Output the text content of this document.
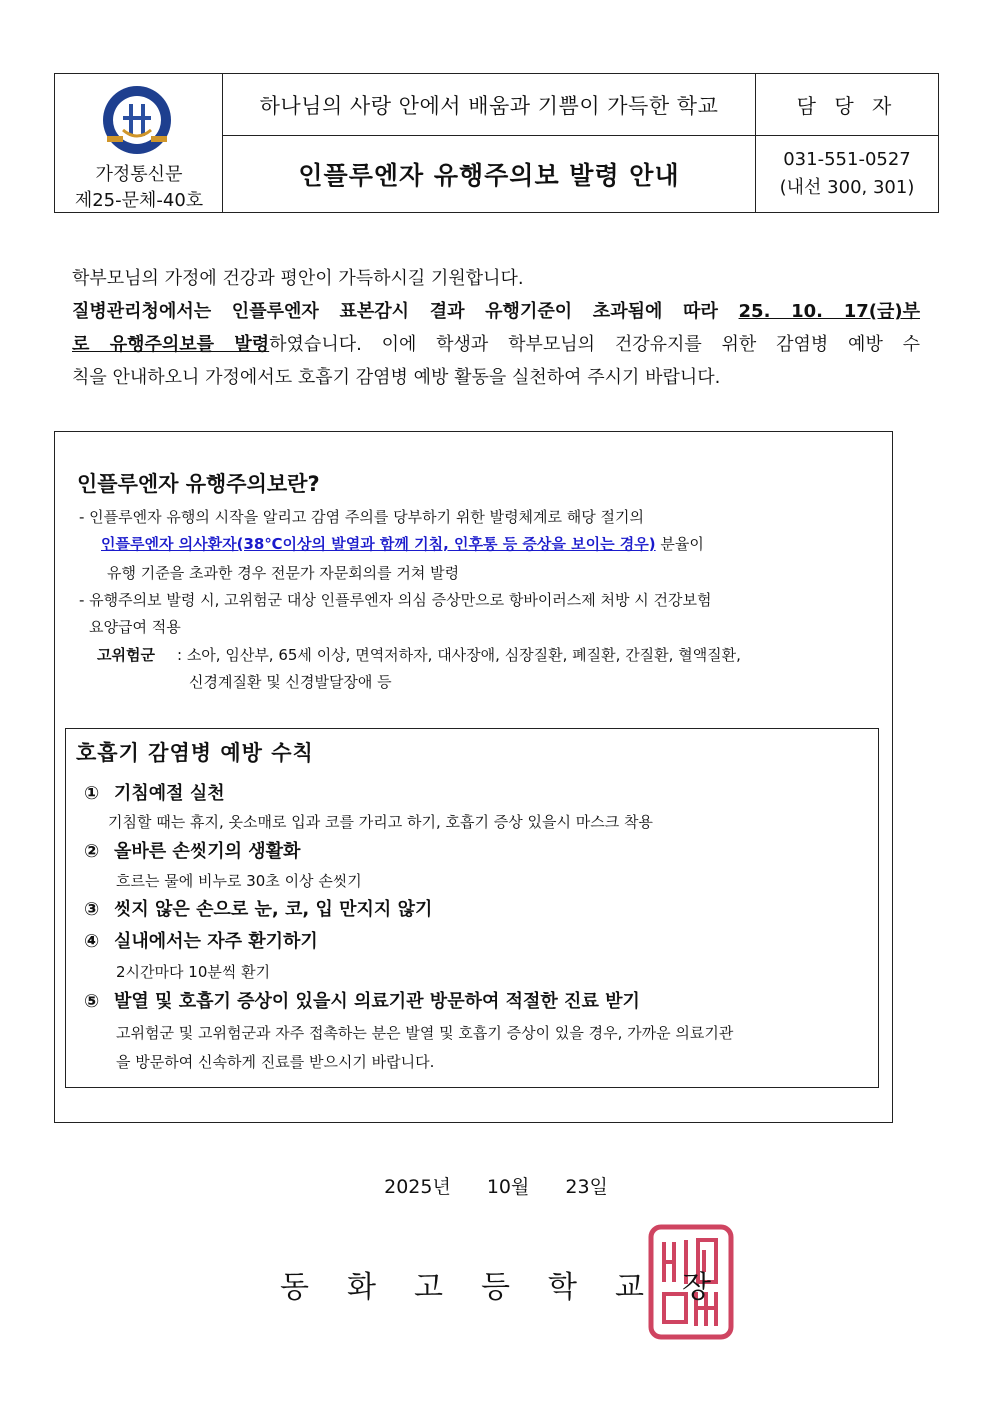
가정통신문
제25-문체-40호
하나님의 사랑 안에서 배움과 기쁨이 가득한 학교
인플루엔자 유행주의보 발령 안내
담 당 자
031-551-0527
(내선 300, 301)

학부모님의 가정에 건강과 평안이 가득하시길 기원합니다.

질병관리청에서는 인플루엔자 표본감시 결과 유행기준이 초과됨에 따라 25. 10. 17(금)부

로 유행주의보를 발령하였습니다. 이에 학생과 학부모님의 건강유지를 위한 감염병 예방 수

칙을 안내하오니 가정에서도 호흡기 감염병 예방 활동을 실천하여 주시기 바랍니다.

인플루엔자 유행주의보란?
- 인플루엔자 유행의 시작을 알리고 감염 주의를 당부하기 위한 발령체계로 해당 절기의
인플루엔자 의사환자(38℃이상의 발열과 함께 기침, 인후통 등 증상을 보이는 경우) 분율이
유행 기준을 초과한 경우 전문가 자문회의를 거쳐 발령
- 유행주의보 발령 시, 고위험군 대상 인플루엔자 의심 증상만으로 항바이러스제 처방 시 건강보험
요양급여 적용
고위험군 : 소아, 임산부, 65세 이상, 면역저하자, 대사장애, 심장질환, 폐질환, 간질환, 혈액질환,
신경계질환 및 신경발달장애 등
호흡기 감염병 예방 수칙
① 기침예절 실천
기침할 때는 휴지, 옷소매로 입과 코를 가리고 하기, 호흡기 증상 있을시 마스크 착용
② 올바른 손씻기의 생활화
흐르는 물에 비누로 30초 이상 손씻기
③ 씻지 않은 손으로 눈, 코, 입 만지지 않기
④ 실내에서는 자주 환기하기
2시간마다 10분씩 환기
⑤ 발열 및 호흡기 증상이 있을시 의료기관 방문하여 적절한 진료 받기
고위험군 및 고위험군과 자주 접촉하는 분은 발열 및 호흡기 증상이 있을 경우, 가까운 의료기관
을 방문하여 신속하게 진료를 받으시기 바랍니다.
2025년 10월 23일
동 화 고 등 학 교 장
